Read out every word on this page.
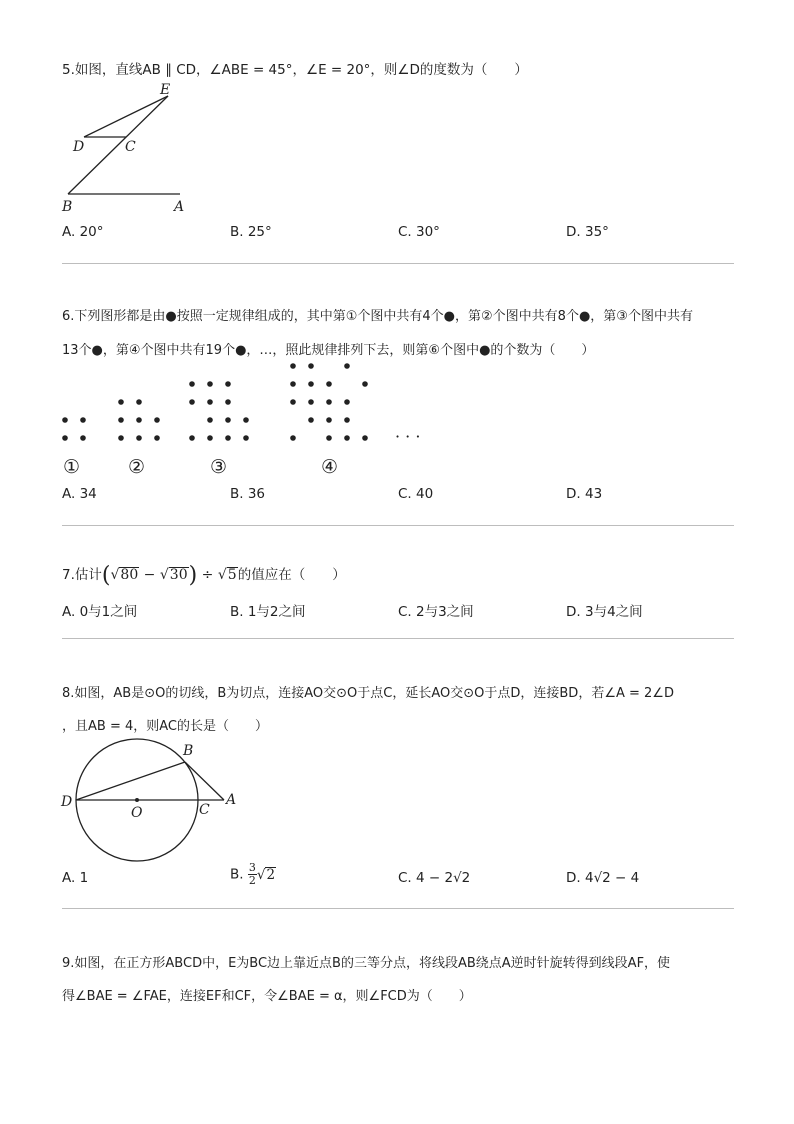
5.如图，直线AB ∥ CD，∠ABE = 45°，∠E = 20°，则∠D的度数为（　　）
E
D	C
B	A
A. 20°	B. 25°	C. 30°	D. 35°
6.下列图形都是由●按照一定规律组成的，其中第①个图中共有4个●，第②个图中共有8个●，第③个图中共有
13个●，第④个图中共有19个●，…，照此规律排列下去，则第⑥个图中●的个数为（　　）
· · ·
①	②	③	④
A. 34	B. 36	C. 40	D. 43
7.估计(√80 − √30) ÷ √5的值应在（　　）
A. 0与1之间	B. 1与2之间	C. 2与3之间	D. 3与4之间
8.如图，AB是⊙O的切线，B为切点，连接AO交⊙O于点C，延长AO交⊙O于点D，连接BD，若∠A = 2∠D
，且AB = 4，则AC的长是（　　）
B
D
O	C
A
A. 1	B. $\frac{3}{2} √2$	C. 4 − 2√2	D. 4√2 − 4
9.如图，在正方形ABCD中，E为BC边上靠近点B的三等分点，将线段AB绕点A逆时针旋转得到线段AF，使
得∠BAE = ∠FAE，连接EF和CF，令∠BAE = α，则∠FCD为（　　）
